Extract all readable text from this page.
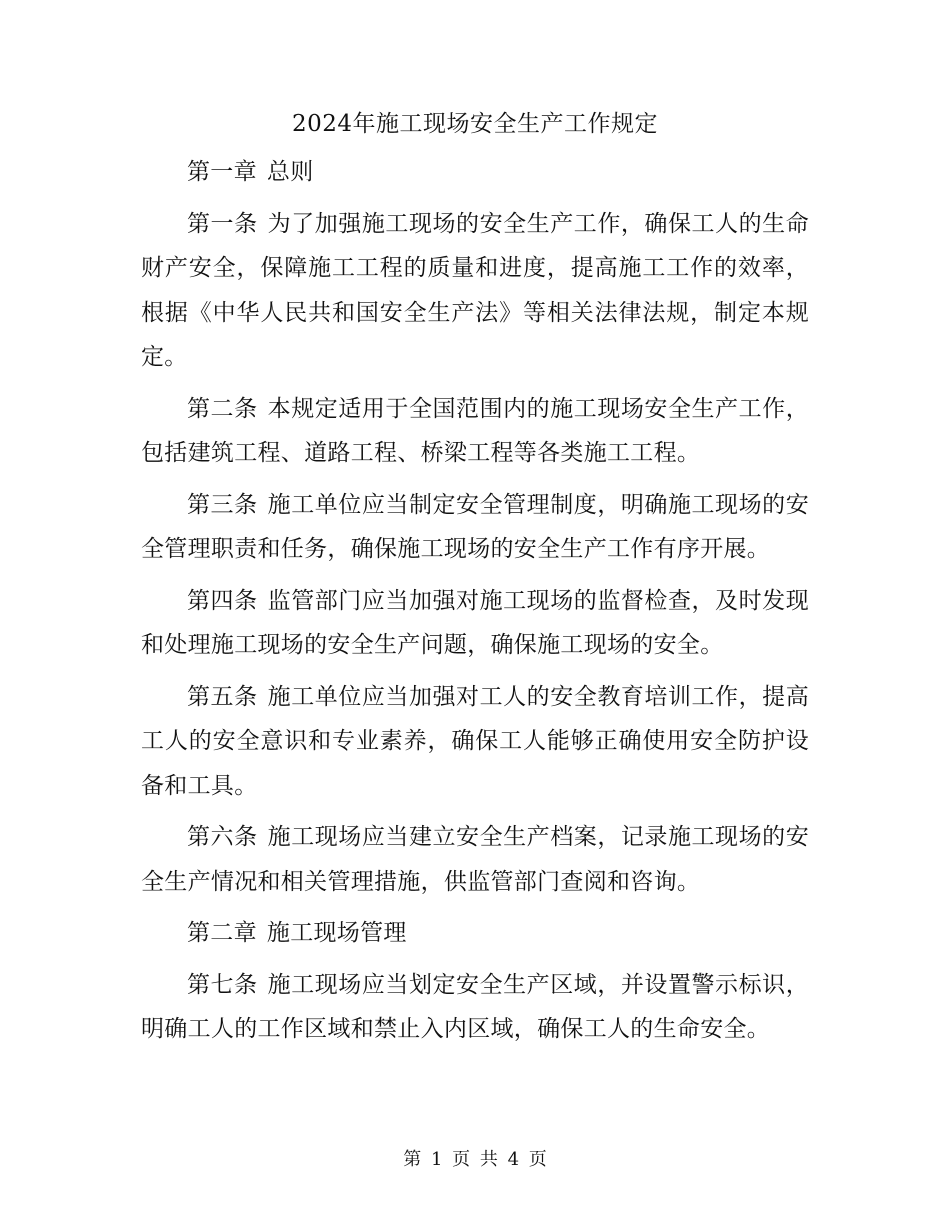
2024年施工现场安全生产工作规定

第一章 总则

第一条 为了加强施工现场的安全生产工作，确保工人的生命财产安全，保障施工工程的质量和进度，提高施工工作的效率，根据《中华人民共和国安全生产法》等相关法律法规，制定本规定。

第二条 本规定适用于全国范围内的施工现场安全生产工作，包括建筑工程、道路工程、桥梁工程等各类施工工程。

第三条 施工单位应当制定安全管理制度，明确施工现场的安全管理职责和任务，确保施工现场的安全生产工作有序开展。

第四条 监管部门应当加强对施工现场的监督检查，及时发现和处理施工现场的安全生产问题，确保施工现场的安全。

第五条 施工单位应当加强对工人的安全教育培训工作，提高工人的安全意识和专业素养，确保工人能够正确使用安全防护设备和工具。

第六条 施工现场应当建立安全生产档案，记录施工现场的安全生产情况和相关管理措施，供监管部门查阅和咨询。

第二章 施工现场管理

第七条 施工现场应当划定安全生产区域，并设置警示标识，明确工人的工作区域和禁止入内区域，确保工人的生命安全。

第 1 页 共 4 页
